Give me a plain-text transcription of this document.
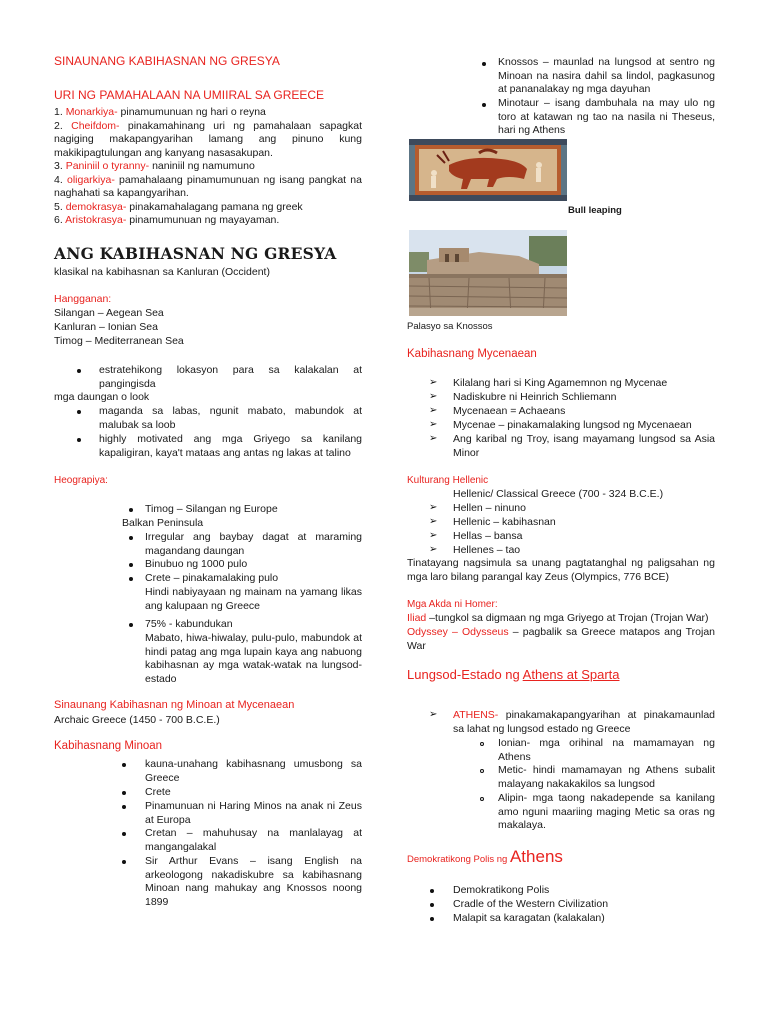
SINAUNANG KABIHASNAN NG GRESYA
URI NG PAMAHALAAN NA UMIIRAL SA GREECE
1. Monarkiya- pinamumunuan ng hari o reyna
2. Cheifdom- pinakamahinang uri ng pamahalaan sapagkat nagiging makapangyarihan lamang ang pinuno kung makikipagtulungan ang kanyang nasasakupan.
3. Paniniil o tyranny- naniniil ng namumuno
4. oligarkiya- pamahalaang pinamumunuan ng isang pangkat na naghahati sa kapangyarihan.
5. demokrasya- pinakamahalagang pamana ng greek
6. Aristokrasya- pinamumunuan ng mayayaman.
ANG KABIHASNAN NG GRESYA
klasikal na kabihasnan sa Kanluran (Occident)
Hangganan:
Silangan – Aegean Sea
Kanluran – Ionian Sea
Timog – Mediterranean Sea
estratehikong lokasyon para sa kalakalan at pangingisda
mga daungan o look
maganda sa labas, ngunit mabato, mabundok at malubak sa loob
highly motivated ang mga Griyego sa kanilang kapaligiran, kaya't mataas ang antas ng lakas at talino
Heograpiya:
Timog – Silangan ng Europe
Balkan Peninsula
Irregular ang baybay dagat at maraming magandang daungan
Binubuo ng 1000 pulo
Crete – pinakamalaking pulo
Hindi nabiyayaan ng mainam na yamang likas ang kalupaan ng Greece
75% - kabundukan
Mabato, hiwa-hiwalay, pulu-pulo, mabundok at hindi patag ang mga lupain kaya ang nabuong kabihasnan ay mga watak-watak na lungsod-estado
Sinaunang Kabihasnan ng Minoan at Mycenaean
Archaic Greece (1450 - 700 B.C.E.)
Kabihasnang Minoan
kauna-unahang kabihasnang umusbong sa Greece
Crete
Pinamunuan ni Haring Minos na anak ni Zeus at Europa
Cretan – mahuhusay na manlalayag at mangangalakal
Sir Arthur Evans – isang English na arkeologong nakadiskubre sa kabihasnang Minoan nang mahukay ang Knossos noong 1899
Knossos – maunlad na lungsod at sentro ng Minoan na nasira dahil sa lindol, pagkasunog at pananalakay ng mga dayuhan
Minotaur – isang dambuhala na may ulo ng toro at katawan ng tao na nasila ni Theseus, hari ng Athens
Bull leaping
Palasyo sa Knossos
Kabihasnang Mycenaean
➢ Kilalang hari si King Agamemnon ng Mycenae
➢ Nadiskubre ni Heinrich Schliemann
➢ Mycenaean = Achaeans
➢ Mycenae – pinakamalaking lungsod ng Mycenaean
➢ Ang karibal ng Troy, isang mayamang lungsod sa Asia Minor
Kulturang Hellenic
Hellenic/ Classical Greece (700 - 324 B.C.E.)
➢ Hellen – ninuno
➢ Hellenic – kabihasnan
➢ Hellas – bansa
➢ Hellenes – tao
Tinatayang nagsimula sa unang pagtatanghal ng paligsahan ng mga laro bilang parangal kay Zeus (Olympics, 776 BCE)
Mga Akda ni Homer:
Iliad –tungkol sa digmaan ng mga Griyego at Trojan (Trojan War)
Odyssey – Odysseus – pagbalik sa Greece matapos ang Trojan War
Lungsod-Estado ng Athens at Sparta
➢ ATHENS- pinakamakapangyarihan at pinakamaunlad sa lahat ng lungsod estado ng Greece
Ionian- mga orihinal na mamamayan ng Athens
Metic- hindi mamamayan ng Athens subalit malayang nakakakilos sa lungsod
Alipin- mga taong nakadepende sa kanilang amo nguni maariing maging Metic sa oras ng makalaya.
Demokratikong Polis ng Athens
Demokratikong Polis
Cradle of the Western Civilization
Malapit sa karagatan (kalakalan)
